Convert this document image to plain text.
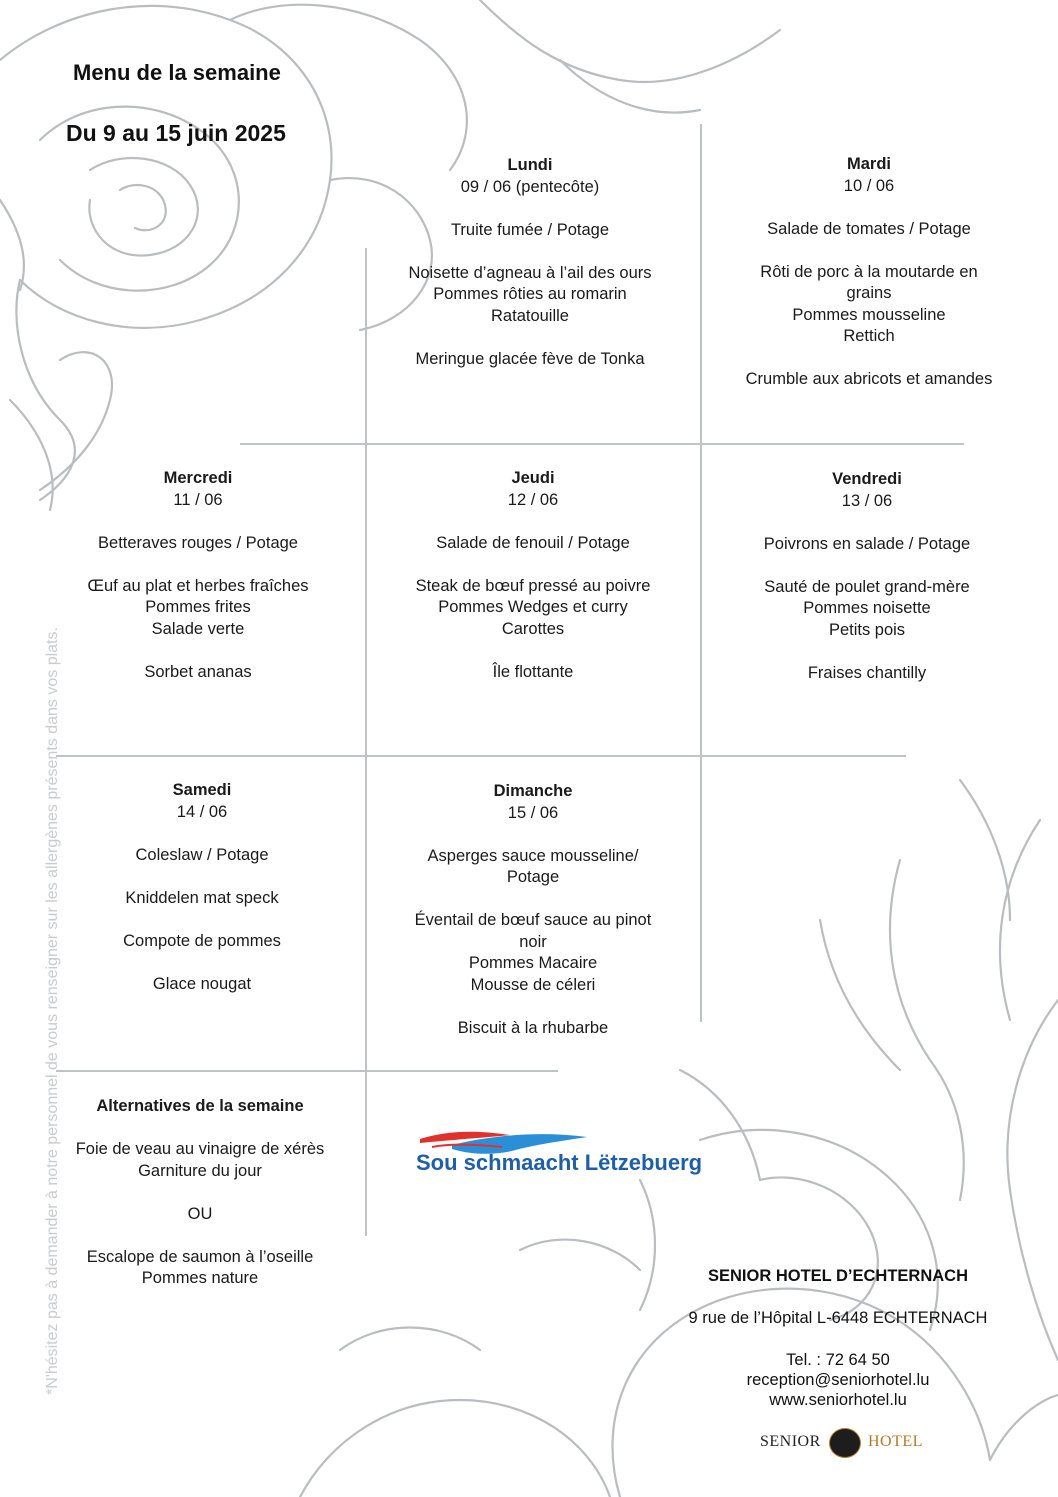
Menu de la semaine
Du 9 au 15 juin 2025
Lundi
09 / 06 (pentecôte)
Truite fumée / Potage
Noisette d’agneau à l’ail des ours
Pommes rôties au romarin
Ratatouille
Meringue glacée fève de Tonka
Mardi
10 / 06
Salade de tomates / Potage
Rôti de porc à la moutarde en
grains
Pommes mousseline
Rettich
Crumble aux abricots et amandes
Mercredi
11 / 06
Betteraves rouges / Potage
Œuf au plat et herbes fraîches
Pommes frites
Salade verte
Sorbet ananas
Jeudi
12 / 06
Salade de fenouil / Potage
Steak de bœuf pressé au poivre
Pommes Wedges et curry
Carottes
Île flottante
Vendredi
13 / 06
Poivrons en salade / Potage
Sauté de poulet grand-mère
Pommes noisette
Petits pois
Fraises chantilly
Samedi
14 / 06
Coleslaw / Potage
Kniddelen mat speck
Compote de pommes
Glace nougat
Dimanche
15 / 06
Asperges sauce mousseline/
Potage
Éventail de bœuf sauce au pinot
noir
Pommes Macaire
Mousse de céleri
Biscuit à la rhubarbe
Alternatives de la semaine
Foie de veau au vinaigre de xérès
Garniture du jour
OU
Escalope de saumon à l’oseille
Pommes nature
Sou schmaacht Lëtzebuerg
SENIOR HOTEL D’ECHTERNACH
9 rue de l’Hôpital L-6448 ECHTERNACH
Tel. : 72 64 50
reception@seniorhotel.lu
www.seniorhotel.lu
SENIOR	HOTEL
*N'hésitez pas à demander à notre personnel de vous renseigner sur les allergènes présents dans vos plats.
